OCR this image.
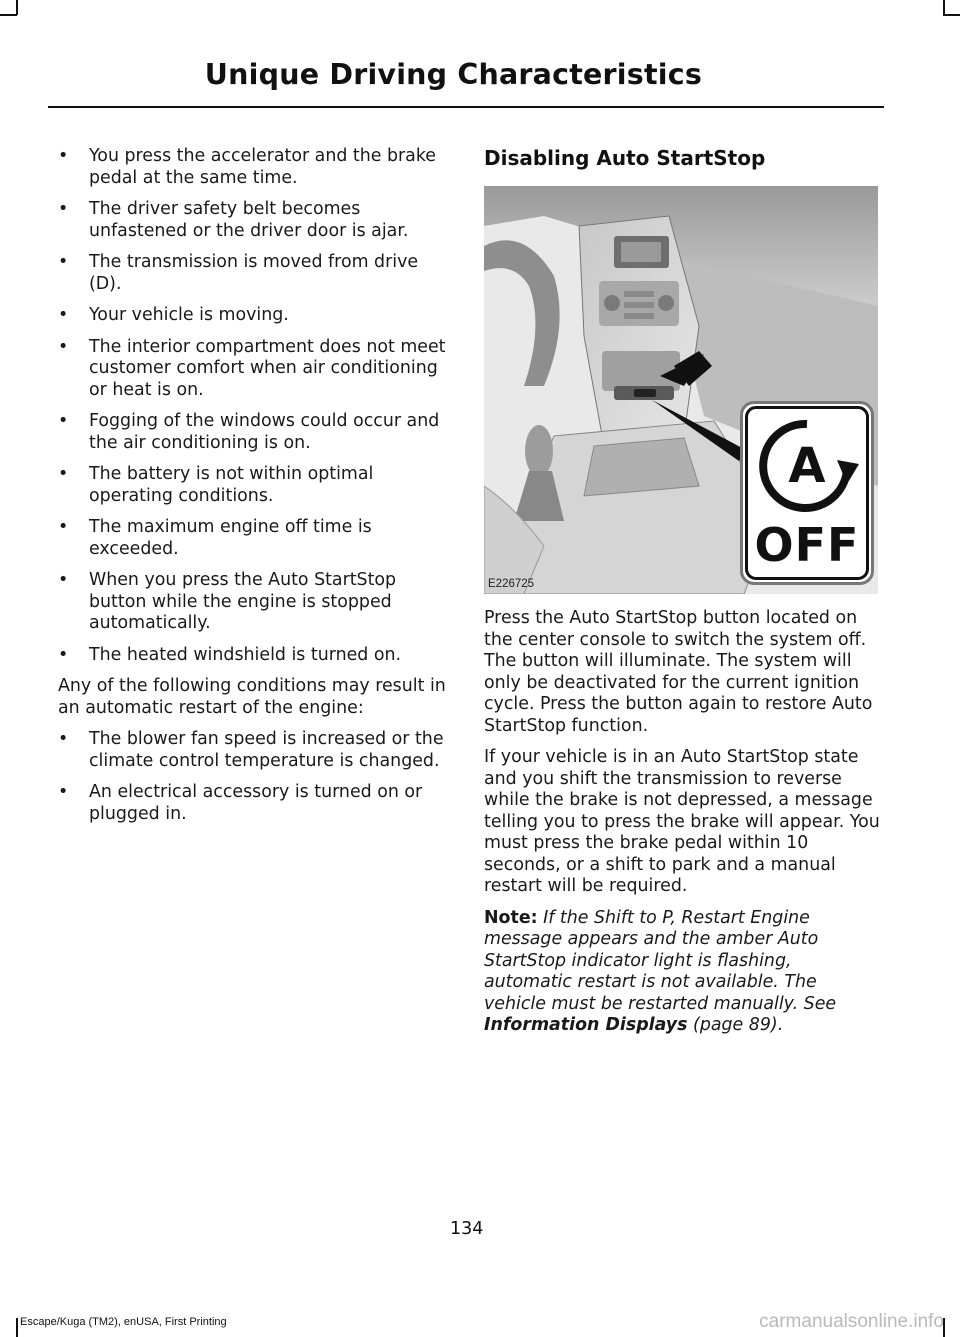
Unique Driving Characteristics
• You press the accelerator and the brake pedal at the same time.
• The driver safety belt becomes unfastened or the driver door is ajar.
• The transmission is moved from drive (D).
• Your vehicle is moving.
• The interior compartment does not meet customer comfort when air conditioning or heat is on.
• Fogging of the windows could occur and the air conditioning is on.
• The battery is not within optimal operating conditions.
• The maximum engine off time is exceeded.
• When you press the Auto StartStop button while the engine is stopped automatically.
• The heated windshield is turned on.

Any of the following conditions may result in an automatic restart of the engine:

• The blower fan speed is increased or the climate control temperature is changed.
• An electrical accessory is turned on or plugged in.
Disabling Auto StartStop
A
OFF
E226725

Press the Auto StartStop button located on the center console to switch the system off. The button will illuminate. The system will only be deactivated for the current ignition cycle. Press the button again to restore Auto StartStop function.

If your vehicle is in an Auto StartStop state and you shift the transmission to reverse while the brake is not depressed, a message telling you to press the brake will appear. You must press the brake pedal within 10 seconds, or a shift to park and a manual restart will be required.

Note: If the Shift to P, Restart Engine message appears and the amber Auto StartStop indicator light is flashing, automatic restart is not available. The vehicle must be restarted manually. See Information Displays (page 89).

134
Escape/Kuga (TM2), enUSA, First Printing	carmanualsonline.info
